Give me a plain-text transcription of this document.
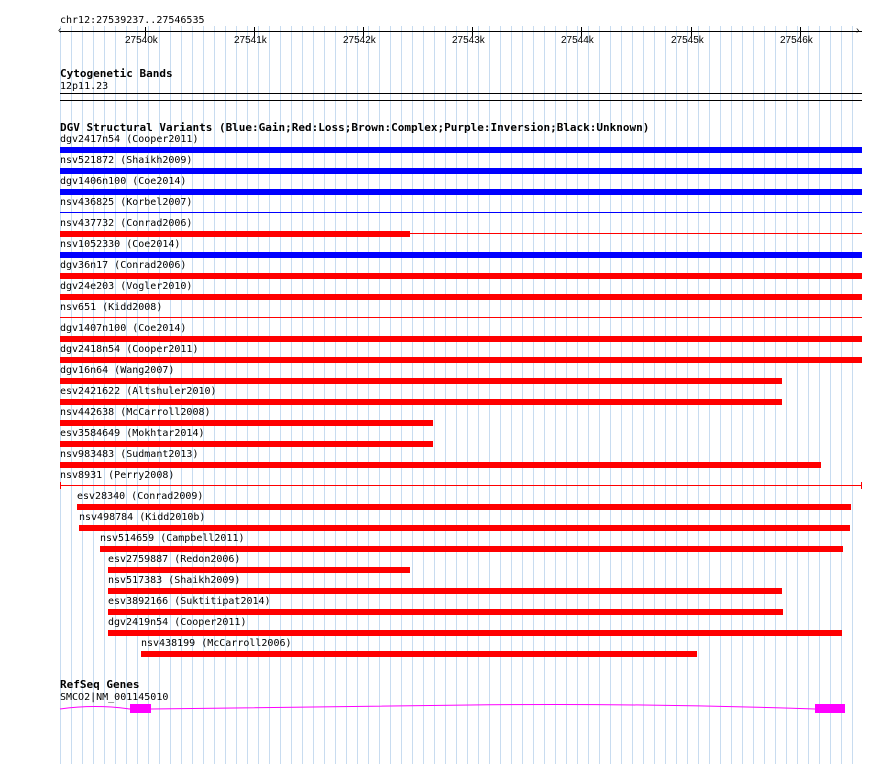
chr12:27539237..27546535
27540k	27541k	27542k	27543k	27544k	27545k	27546k
‹	›
Cytogenetic Bands
12p11.23
DGV Structural Variants (Blue:Gain;Red:Loss;Brown:Complex;Purple:Inversion;Black:Unknown)
dgv2417n54 (Cooper2011)
nsv521872 (Shaikh2009)
dgv1406n100 (Coe2014)
nsv436825 (Korbel2007)
nsv437732 (Conrad2006)
nsv1052330 (Coe2014)
dgv36n17 (Conrad2006)
dgv24e203 (Vogler2010)
nsv651 (Kidd2008)
dgv1407n100 (Coe2014)
dgv2418n54 (Cooper2011)
dgv16n64 (Wang2007)
esv2421622 (Altshuler2010)
nsv442638 (McCarroll2008)
esv3584649 (Mokhtar2014)
nsv983483 (Sudmant2013)
nsv8931 (Perry2008)
esv28340 (Conrad2009)
nsv498784 (Kidd2010b)
nsv514659 (Campbell2011)
esv2759887 (Redon2006)
nsv517383 (Shaikh2009)
esv3892166 (Suktitipat2014)
dgv2419n54 (Cooper2011)
nsv438199 (McCarroll2006)
RefSeq Genes
SMCO2|NM_001145010
